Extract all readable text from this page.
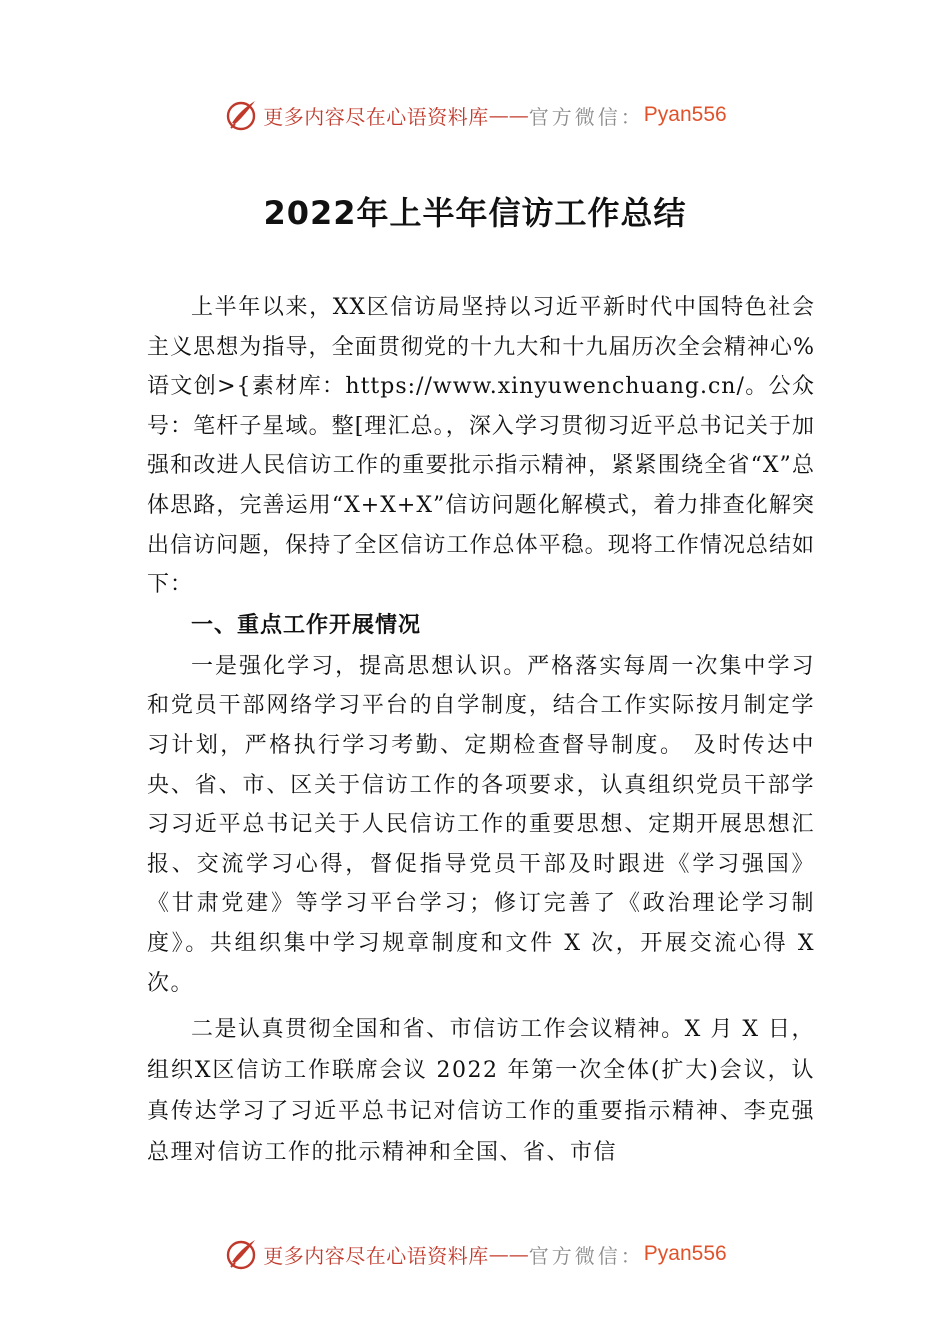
更多内容尽在心语资料库 —— 官方微信： Pyan556
2022年上半年信访工作总结

上半年以来，XX区信访局坚持以习近平新时代中国特色社会主义思想为指导，全面贯彻党的十九大和十九届历次全会精神心%语文创>{素材库：https://www.xinyuwenchuang.cn/。公众号：笔杆子星域。整[理汇总。，深入学习贯彻习近平总书记关于加强和改进人民信访工作的重要批示指示精神，紧紧围绕全省“X”总体思路，完善运用“X+X+X”信访问题化解模式，着力排查化解突出信访问题，保持了全区信访工作总体平稳。现将工作情况总结如下：

一、重点工作开展情况

一是强化学习，提高思想认识。严格落实每周一次集中学习和党员干部网络学习平台的自学制度，结合工作实际按月制定学习计划，严格执行学习考勤、定期检查督导制度。 及时传达中央、省、市、区关于信访工作的各项要求，认真组织党员干部学习习近平总书记关于人民信访工作的重要思想、定期开展思想汇报、交流学习心得，督促指导党员干部及时跟进《学习强国》《甘肃党建》等学习平台学习；修订完善了《政治理论学习制度》。共组织集中学习规章制度和文件 X 次，开展交流心得 X 次。

二是认真贯彻全国和省、市信访工作会议精神。X 月 X 日，组织X区信访工作联席会议 2022 年第一次全体(扩大)会议，认真传达学习了习近平总书记对信访工作的重要指示精神、李克强总理对信访工作的批示精神和全国、省、市信

更多内容尽在心语资料库 —— 官方微信： Pyan556
